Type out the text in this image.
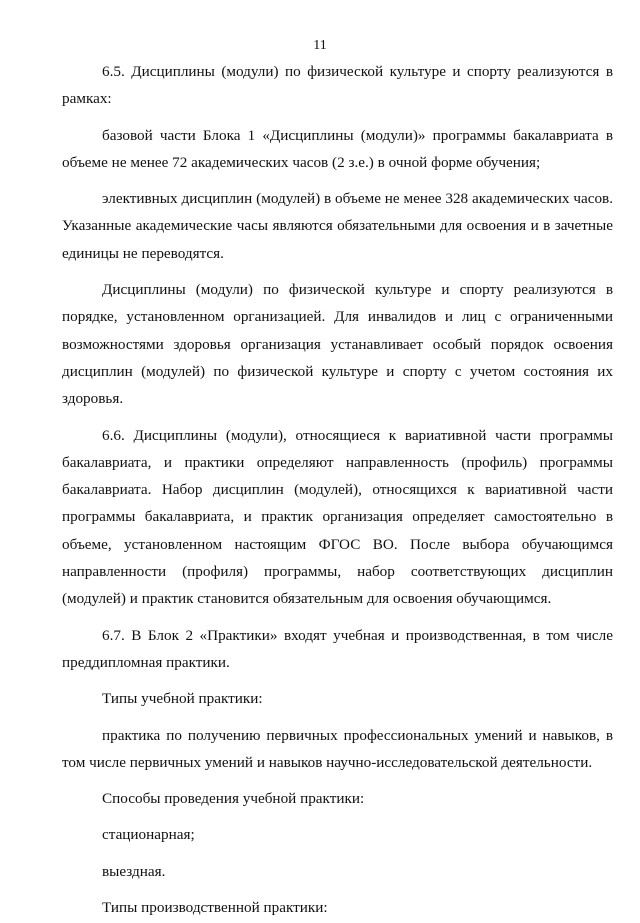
11

6.5. Дисциплины (модули) по физической культуре и спорту реализуются в рамках:

базовой части Блока 1 «Дисциплины (модули)» программы бакалавриата в объеме не менее 72 академических часов (2 з.е.) в очной форме обучения;

элективных дисциплин (модулей) в объеме не менее 328 академических часов. Указанные академические часы являются обязательными для освоения и в зачетные единицы не переводятся.

Дисциплины (модули) по физической культуре и спорту реализуются в порядке, установленном организацией. Для инвалидов и лиц с ограниченными возможностями здоровья организация устанавливает особый порядок освоения дисциплин (модулей) по физической культуре и спорту с учетом состояния их здоровья.

6.6. Дисциплины (модули), относящиеся к вариативной части программы бакалавриата, и практики определяют направленность (профиль) программы бакалавриата. Набор дисциплин (модулей), относящихся к вариативной части программы бакалавриата, и практик организация определяет самостоятельно в объеме, установленном настоящим ФГОС ВО. После выбора обучающимся направленности (профиля) программы, набор соответствующих дисциплин (модулей) и практик становится обязательным для освоения обучающимся.

6.7. В Блок 2 «Практики» входят учебная и производственная, в том числе преддипломная практики.

Типы учебной практики:

практика по получению первичных профессиональных умений и навыков, в том числе первичных умений и навыков научно-исследовательской деятельности.

Способы проведения учебной практики:

стационарная;

выездная.

Типы производственной практики:
